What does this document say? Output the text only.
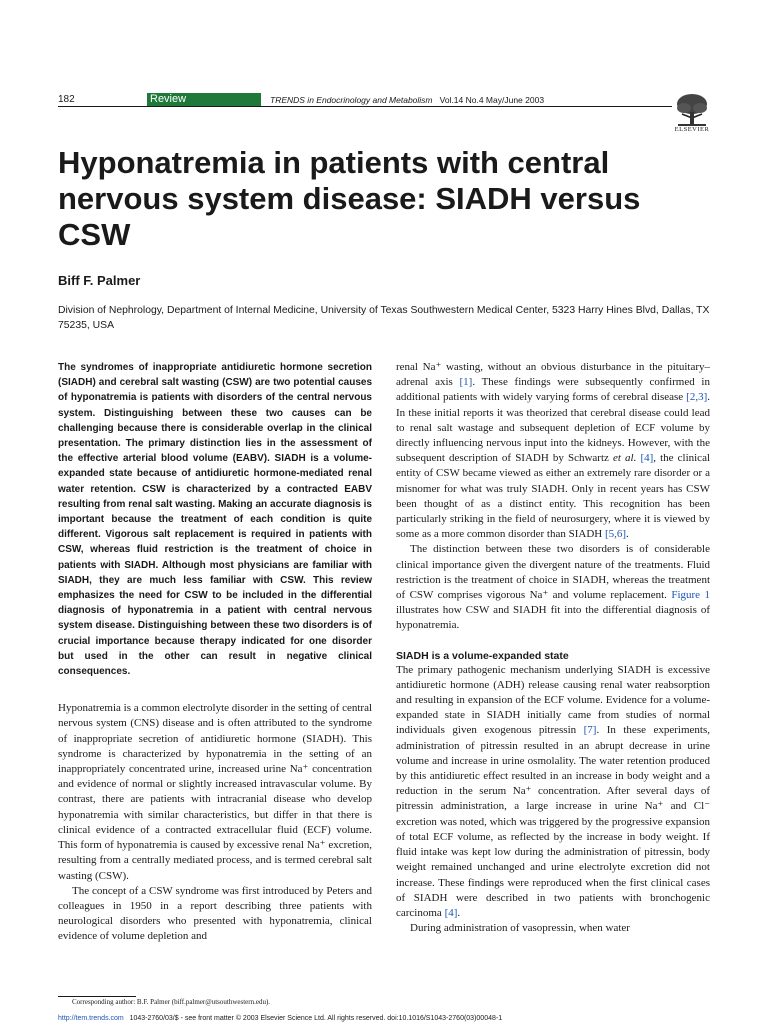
182	Review	TRENDS in Endocrinology and Metabolism Vol.14 No.4 May/June 2003
ELSEVIER
Hyponatremia in patients with central nervous system disease: SIADH versus CSW
Biff F. Palmer
Division of Nephrology, Department of Internal Medicine, University of Texas Southwestern Medical Center, 5323 Harry Hines Blvd, Dallas, TX 75235, USA

The syndromes of inappropriate antidiuretic hormone secretion (SIADH) and cerebral salt wasting (CSW) are two potential causes of hyponatremia is patients with disorders of the central nervous system. Distinguishing between these two causes can be challenging because there is considerable overlap in the clinical presentation. The primary distinction lies in the assessment of the effective arterial blood volume (EABV). SIADH is a volume-expanded state because of antidiuretic hormone-mediated renal water retention. CSW is characterized by a contracted EABV resulting from renal salt wasting. Making an accurate diagnosis is important because the treatment of each condition is quite different. Vigorous salt replacement is required in patients with CSW, whereas fluid restriction is the treatment of choice in patients with SIADH. Although most physicians are familiar with SIADH, they are much less familiar with CSW. This review emphasizes the need for CSW to be included in the differential diagnosis of hyponatremia in a patient with central nervous system disease. Distinguishing between these two disorders is of crucial importance because therapy indicated for one disorder but used in the other can result in negative clinical consequences.

Hyponatremia is a common electrolyte disorder in the setting of central nervous system (CNS) disease and is often attributed to the syndrome of inappropriate secretion of antidiuretic hormone (SIADH). This syndrome is characterized by hyponatremia in the setting of an inappropriately concentrated urine, increased urine Na⁺ concentration and evidence of normal or slightly increased intravascular volume. By contrast, there are patients with intracranial disease who develop hyponatremia with similar characteristics, but differ in that there is clinical evidence of a contracted extracellular fluid (ECF) volume. This form of hyponatremia is caused by excessive renal Na⁺ excretion, resulting from a centrally mediated process, and is termed cerebral salt wasting (CSW).

The concept of a CSW syndrome was first introduced by Peters and colleagues in 1950 in a report describing three patients with neurological disorders who presented with hyponatremia, clinical evidence of volume depletion and

renal Na⁺ wasting, without an obvious disturbance in the pituitary–adrenal axis [1]. These findings were subsequently confirmed in additional patients with widely varying forms of cerebral disease [2,3]. In these initial reports it was theorized that cerebral disease could lead to renal salt wastage and subsequent depletion of ECF volume by directly influencing nervous input into the kidneys. However, with the subsequent description of SIADH by Schwartz et al. [4], the clinical entity of CSW became viewed as either an extremely rare disorder or a misnomer for what was truly SIADH. Only in recent years has CSW been thought of as a distinct entity. This recognition has been particularly striking in the field of neurosurgery, where it is viewed by some as a more common disorder than SIADH [5,6].

The distinction between these two disorders is of considerable clinical importance given the divergent nature of the treatments. Fluid restriction is the treatment of choice in SIADH, whereas the treatment of CSW comprises vigorous Na⁺ and volume replacement. Figure 1 illustrates how CSW and SIADH fit into the differential diagnosis of hyponatremia.

SIADH is a volume-expanded state

The primary pathogenic mechanism underlying SIADH is excessive antidiuretic hormone (ADH) release causing renal water reabsorption and resulting in expansion of the ECF volume. Evidence for a volume-expanded state in SIADH initially came from studies of normal individuals given exogenous pitressin [7]. In these experiments, administration of pitressin resulted in an abrupt decrease in urine volume and increase in urine osmolality. The water retention produced by this antidiuretic effect resulted in an increase in body weight and a reduction in the serum Na⁺ concentration. After several days of pitressin administration, a large increase in urine Na⁺ and Cl⁻ excretion was noted, which was triggered by the progressive expansion of total ECF volume, as reflected by the increase in body weight. If fluid intake was kept low during the administration of pitressin, body weight remained unchanged and urine electrolyte excretion did not increase. These findings were reproduced when the first clinical cases of SIADH were described in two patients with bronchogenic carcinoma [4].

During administration of vasopressin, when water

Corresponding author: B.F. Palmer (biff.palmer@utsouthwestern.edu).
http://tem.trends.com 1043-2760/03/$ - see front matter © 2003 Elsevier Science Ltd. All rights reserved. doi:10.1016/S1043-2760(03)00048-1
